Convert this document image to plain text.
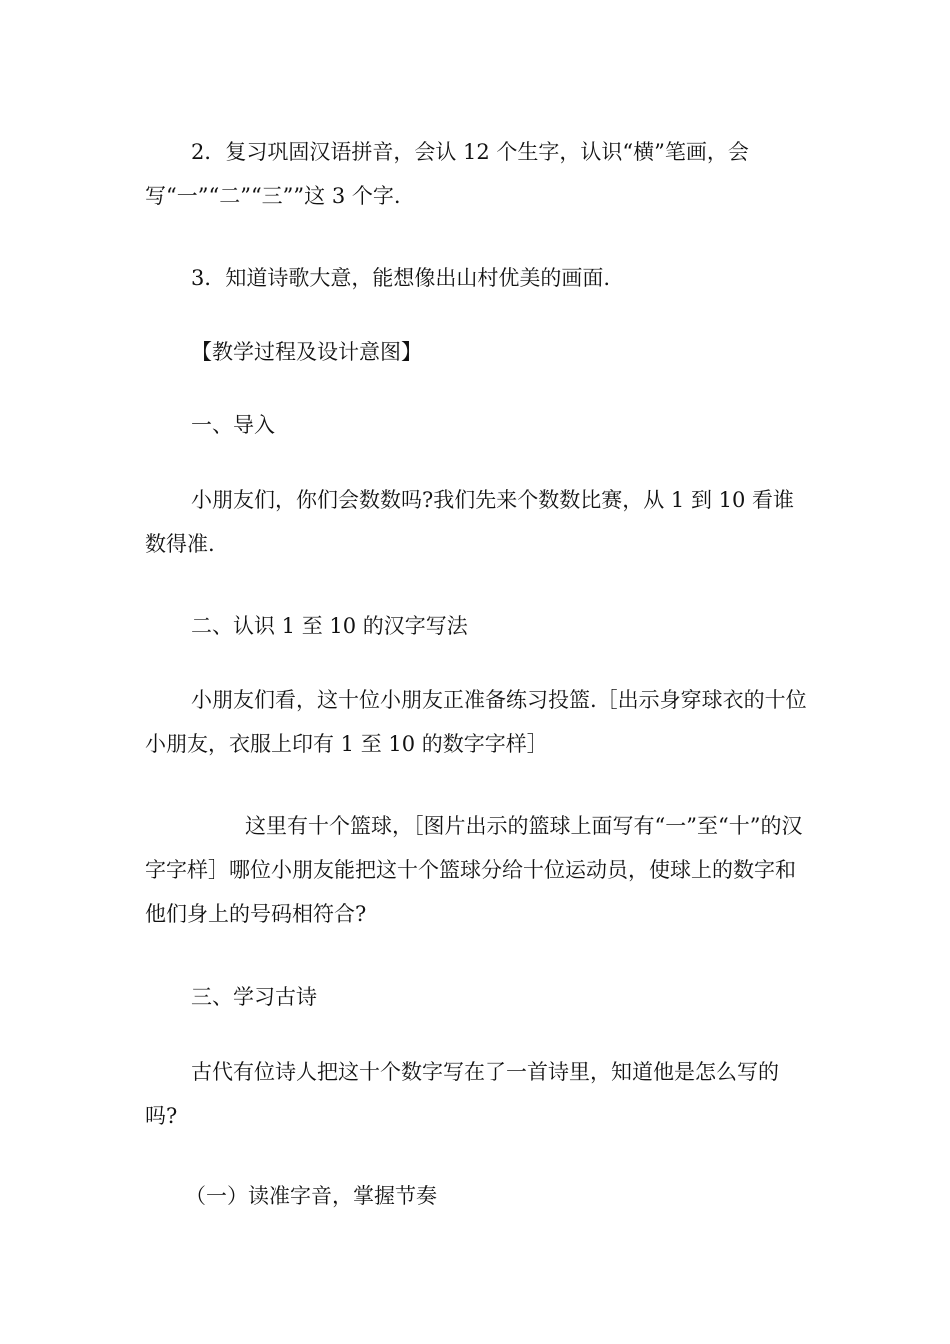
2．复习巩固汉语拼音，会认 12 个生字，认识“横”笔画，会写“一”“二”“三””这 3 个字.

3．知道诗歌大意，能想像出山村优美的画面.

【教学过程及设计意图】

一、导入

小朋友们，你们会数数吗?我们先来个数数比赛，从 1 到 10 看谁数得准.

二、认识 1 至 10 的汉字写法

小朋友们看，这十位小朋友正准备练习投篮.［出示身穿球衣的十位小朋友，衣服上印有 1 至 10 的数字字样］

这里有十个篮球，［图片出示的篮球上面写有“一”至“十”的汉字字样］哪位小朋友能把这十个篮球分给十位运动员，使球上的数字和他们身上的号码相符合?

三、学习古诗

古代有位诗人把这十个数字写在了一首诗里，知道他是怎么写的吗?

（一）读准字音，掌握节奏
